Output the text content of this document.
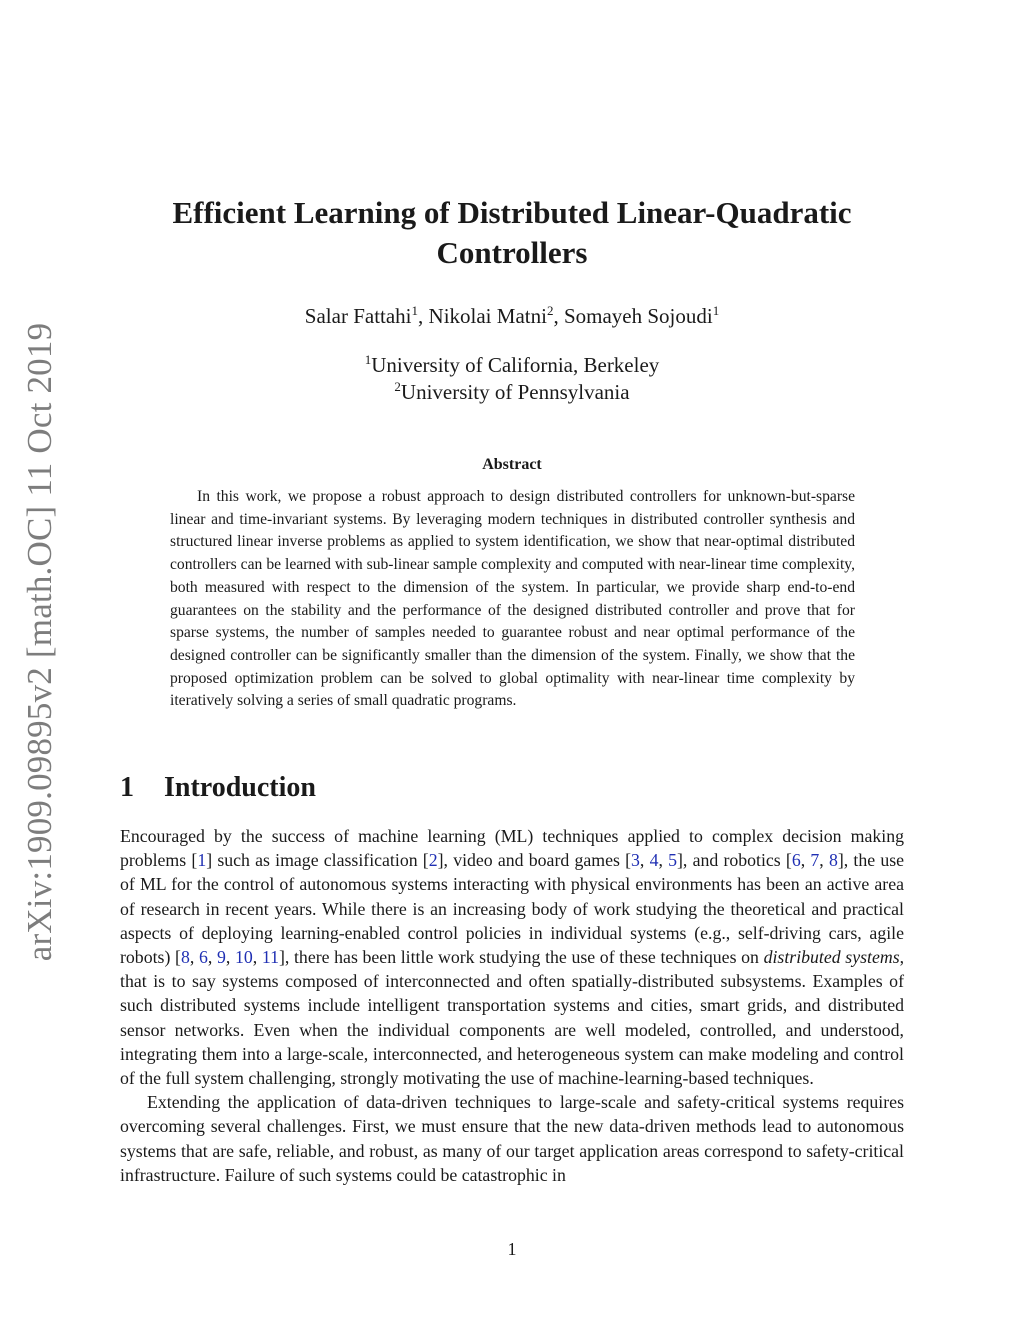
arXiv:1909.09895v2 [math.OC] 11 Oct 2019
Efficient Learning of Distributed Linear-Quadratic Controllers
Salar Fattahi$^1$, Nikolai Matni$^2$, Somayeh Sojoudi$^1$
$^1$University of California, Berkeley
$^2$University of Pennsylvania
Abstract
In this work, we propose a robust approach to design distributed controllers for unknown-but-sparse linear and time-invariant systems. By leveraging modern techniques in distributed controller synthesis and structured linear inverse problems as applied to system identification, we show that near-optimal distributed controllers can be learned with sub-linear sample complexity and computed with near-linear time complexity, both measured with respect to the dimension of the system. In particular, we provide sharp end-to-end guarantees on the stability and the performance of the designed distributed controller and prove that for sparse systems, the number of samples needed to guarantee robust and near optimal performance of the designed controller can be significantly smaller than the dimension of the system. Finally, we show that the proposed optimization problem can be solved to global optimality with near-linear time complexity by iteratively solving a series of small quadratic programs.
1 Introduction

Encouraged by the success of machine learning (ML) techniques applied to complex decision making problems [1] such as image classification [2], video and board games [3, 4, 5], and robotics [6, 7, 8], the use of ML for the control of autonomous systems interacting with physical environments has been an active area of research in recent years. While there is an increasing body of work studying the theoretical and practical aspects of deploying learning-enabled control policies in individual systems (e.g., self-driving cars, agile robots) [8, 6, 9, 10, 11], there has been little work studying the use of these techniques on distributed systems, that is to say systems composed of interconnected and often spatially-distributed subsystems. Examples of such distributed systems include intelligent transportation systems and cities, smart grids, and distributed sensor networks. Even when the individual components are well modeled, controlled, and understood, integrating them into a large-scale, interconnected, and heterogeneous system can make modeling and control of the full system challenging, strongly motivating the use of machine-learning-based techniques.

Extending the application of data-driven techniques to large-scale and safety-critical systems requires overcoming several challenges. First, we must ensure that the new data-driven methods lead to autonomous systems that are safe, reliable, and robust, as many of our target application areas correspond to safety-critical infrastructure. Failure of such systems could be catastrophic in

1
